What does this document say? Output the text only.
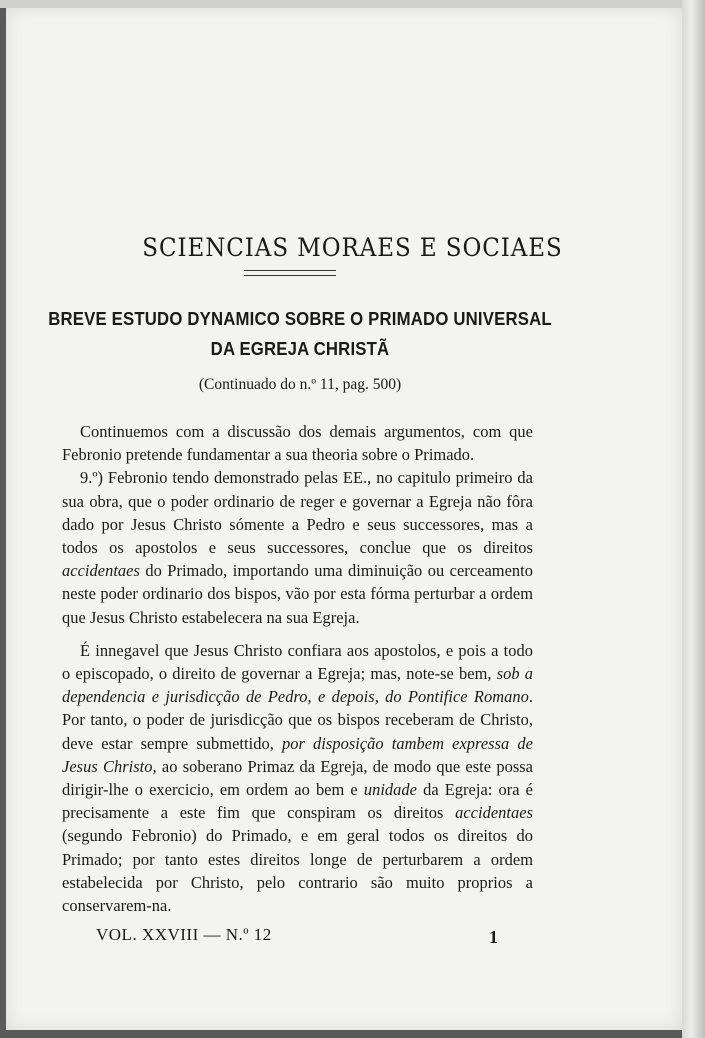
SCIENCIAS MORAES E SOCIAES
BREVE ESTUDO DYNAMICO SOBRE O PRIMADO UNIVERSAL
DA EGREJA CHRISTÃ
(Continuado do n.º 11, pag. 500)

Continuemos com a discussão dos demais argumentos, com que Febronio pretende fundamentar a sua theoria sobre o Primado.

9.º) Febronio tendo demonstrado pelas EE., no capitulo primeiro da sua obra, que o poder ordinario de reger e governar a Egreja não fôra dado por Jesus Christo sómente a Pedro e seus successores, mas a todos os apostolos e seus successores, conclue que os direitos accidentaes do Primado, importando uma diminuição ou cerceamento neste poder ordinario dos bispos, vão por esta fórma perturbar a ordem que Jesus Christo estabelecera na sua Egreja.

É innegavel que Jesus Christo confiara aos apostolos, e pois a todo o episcopado, o direito de governar a Egreja; mas, note-se bem, sob a dependencia e jurisdicção de Pedro, e depois, do Pontifice Romano. Por tanto, o poder de jurisdicção que os bispos receberam de Christo, deve estar sempre submettido, por disposição tambem expressa de Jesus Christo, ao soberano Primaz da Egreja, de modo que este possa dirigir-lhe o exercicio, em ordem ao bem e unidade da Egreja: ora é precisamente a este fim que conspiram os direitos accidentaes (segundo Febronio) do Primado, e em geral todos os direitos do Primado; por tanto estes direitos longe de perturbarem a ordem estabelecida por Christo, pelo contrario são muito proprios a conservarem-na.

VOL. XXVIII — N.º 12	1
